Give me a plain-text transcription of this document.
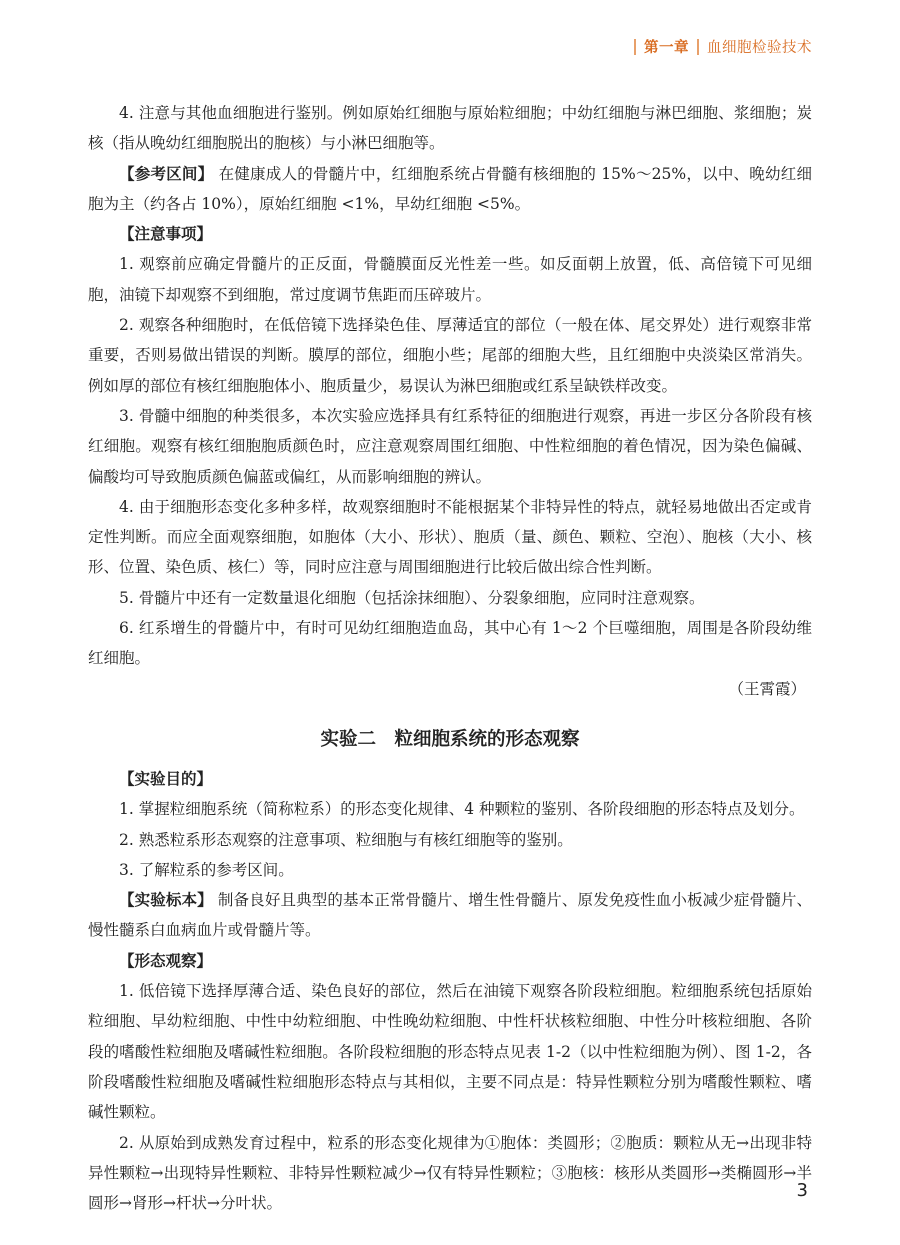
第一章 血细胞检验技术

4. 注意与其他血细胞进行鉴别。例如原始红细胞与原始粒细胞；中幼红细胞与淋巴细胞、浆细胞；炭核（指从晚幼红细胞脱出的胞核）与小淋巴细胞等。

【参考区间】 在健康成人的骨髓片中，红细胞系统占骨髓有核细胞的 15%～25%，以中、晚幼红细胞为主（约各占 10%），原始红细胞 <1%，早幼红细胞 <5%。

【注意事项】

1. 观察前应确定骨髓片的正反面，骨髓膜面反光性差一些。如反面朝上放置，低、高倍镜下可见细胞，油镜下却观察不到细胞，常过度调节焦距而压碎玻片。

2. 观察各种细胞时，在低倍镜下选择染色佳、厚薄适宜的部位（一般在体、尾交界处）进行观察非常重要，否则易做出错误的判断。膜厚的部位，细胞小些；尾部的细胞大些，且红细胞中央淡染区常消失。例如厚的部位有核红细胞胞体小、胞质量少，易误认为淋巴细胞或红系呈缺铁样改变。

3. 骨髓中细胞的种类很多，本次实验应选择具有红系特征的细胞进行观察，再进一步区分各阶段有核红细胞。观察有核红细胞胞质颜色时，应注意观察周围红细胞、中性粒细胞的着色情况，因为染色偏碱、偏酸均可导致胞质颜色偏蓝或偏红，从而影响细胞的辨认。

4. 由于细胞形态变化多种多样，故观察细胞时不能根据某个非特异性的特点，就轻易地做出否定或肯定性判断。而应全面观察细胞，如胞体（大小、形状）、胞质（量、颜色、颗粒、空泡）、胞核（大小、核形、位置、染色质、核仁）等，同时应注意与周围细胞进行比较后做出综合性判断。

5. 骨髓片中还有一定数量退化细胞（包括涂抹细胞）、分裂象细胞，应同时注意观察。

6. 红系增生的骨髓片中，有时可见幼红细胞造血岛，其中心有 1～2 个巨噬细胞，周围是各阶段幼维红细胞。

（王霄霞）

实验二　粒细胞系统的形态观察

【实验目的】

1. 掌握粒细胞系统（简称粒系）的形态变化规律、4 种颗粒的鉴别、各阶段细胞的形态特点及划分。

2. 熟悉粒系形态观察的注意事项、粒细胞与有核红细胞等的鉴别。

3. 了解粒系的参考区间。

【实验标本】 制备良好且典型的基本正常骨髓片、增生性骨髓片、原发免疫性血小板减少症骨髓片、慢性髓系白血病血片或骨髓片等。

【形态观察】

1. 低倍镜下选择厚薄合适、染色良好的部位，然后在油镜下观察各阶段粒细胞。粒细胞系统包括原始粒细胞、早幼粒细胞、中性中幼粒细胞、中性晚幼粒细胞、中性杆状核粒细胞、中性分叶核粒细胞、各阶段的嗜酸性粒细胞及嗜碱性粒细胞。各阶段粒细胞的形态特点见表 1-2（以中性粒细胞为例）、图 1-2，各阶段嗜酸性粒细胞及嗜碱性粒细胞形态特点与其相似，主要不同点是：特异性颗粒分别为嗜酸性颗粒、嗜碱性颗粒。

2. 从原始到成熟发育过程中，粒系的形态变化规律为①胞体：类圆形；②胞质：颗粒从无→出现非特异性颗粒→出现特异性颗粒、非特异性颗粒减少→仅有特异性颗粒；③胞核：核形从类圆形→类椭圆形→半圆形→肾形→杆状→分叶状。

3
